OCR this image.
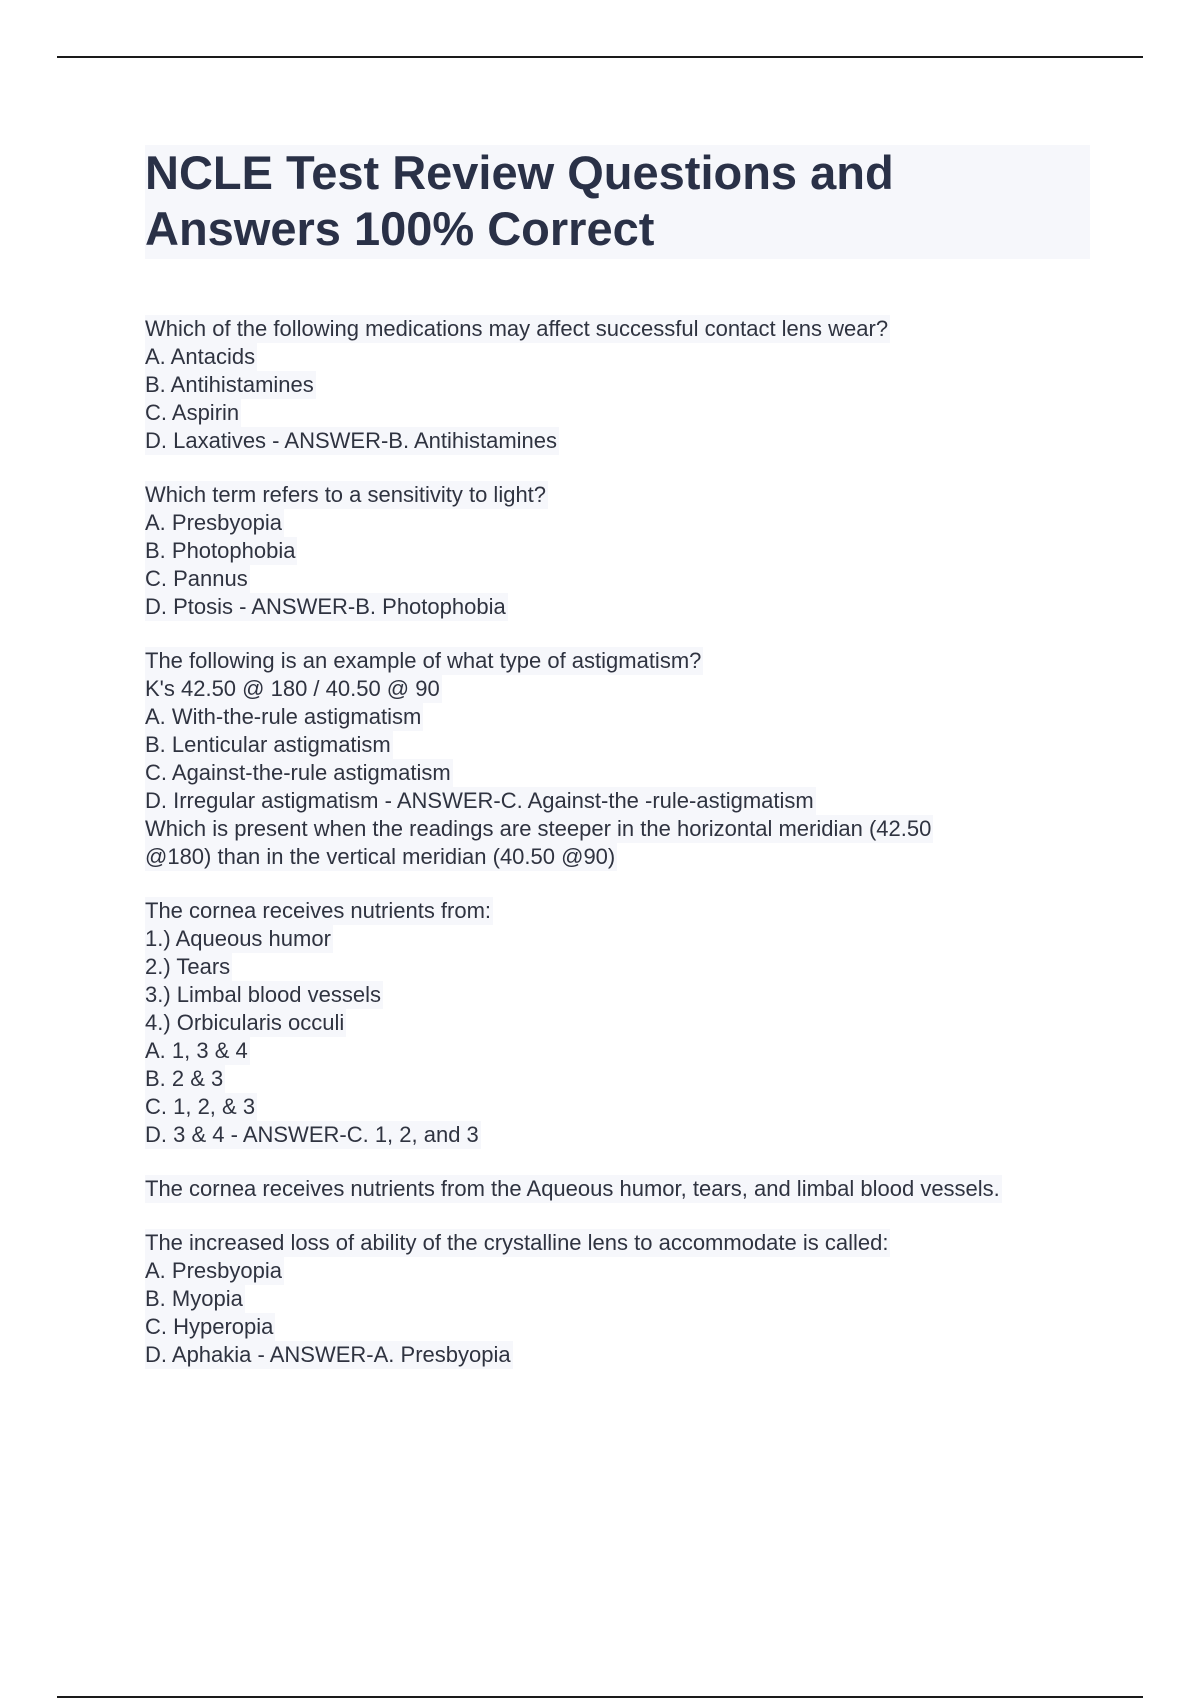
NCLE Test Review Questions and
Answers 100% Correct
Which of the following medications may affect successful contact lens wear?
A. Antacids
B. Antihistamines
C. Aspirin
D. Laxatives - ANSWER-B. Antihistamines
Which term refers to a sensitivity to light?
A. Presbyopia
B. Photophobia
C. Pannus
D. Ptosis - ANSWER-B. Photophobia
The following is an example of what type of astigmatism?
K's 42.50 @ 180 / 40.50 @ 90
A. With-the-rule astigmatism
B. Lenticular astigmatism
C. Against-the-rule astigmatism
D. Irregular astigmatism - ANSWER-C. Against-the -rule-astigmatism
Which is present when the readings are steeper in the horizontal meridian (42.50
@180) than in the vertical meridian (40.50 @90)
The cornea receives nutrients from:
1.) Aqueous humor
2.) Tears
3.) Limbal blood vessels
4.) Orbicularis occuli
A. 1, 3 & 4
B. 2 & 3
C. 1, 2, & 3
D. 3 & 4 - ANSWER-C. 1, 2, and 3
The cornea receives nutrients from the Aqueous humor, tears, and limbal blood vessels.
The increased loss of ability of the crystalline lens to accommodate is called:
A. Presbyopia
B. Myopia
C. Hyperopia
D. Aphakia - ANSWER-A. Presbyopia
